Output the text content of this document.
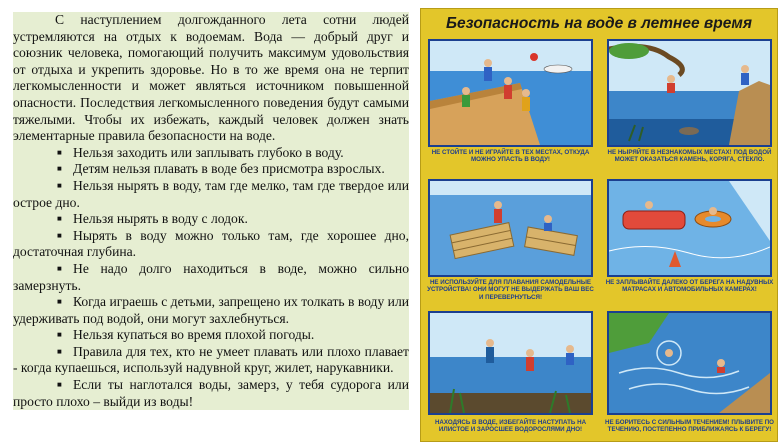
С наступлением долгожданного лета сотни людей устремляются на отдых к водоемам. Вода — добрый друг и союзник человека, помогающий получить максимум удовольствия от отдыха и укрепить здоровье. Но в то же время она не терпит легкомысленности и может являться источником повышенной опасности. Последствия легкомысленного поведения будут самыми тяжелыми. Чтобы их избежать, каждый человек должен знать элементарные правила безопасности на воде.

■ Нельзя заходить или заплывать глубоко в воду.
■ Детям нельзя плавать в воде без присмотра взрослых.
■ Нельзя нырять в воду, там где мелко, там где твердое или острое дно.
■ Нельзя нырять в воду с лодок.
■ Нырять в воду можно только там, где хорошее дно, достаточная глубина.
■ Не надо долго находиться в воде, можно сильно замерзнуть.
■ Когда играешь с детьми, запрещено их толкать в воду или удерживать под водой, они могут захлебнуться.
■ Нельзя купаться во время плохой погоды.
■ Правила для тех, кто не умеет плавать или плохо плавает - когда купаешься, используй надувной круг, жилет, нарукавники.
■ Если ты наглотался воды, замерз, у тебя судорога или просто плохо – выйди из воды!
Безопасность на воде в летнее время
НЕ СТОЙТЕ И НЕ ИГРАЙТЕ В ТЕХ МЕСТАХ, ОТКУДА МОЖНО УПАСТЬ В ВОДУ!
НЕ НЫРЯЙТЕ В НЕЗНАКОМЫХ МЕСТАХ! ПОД ВОДОЙ МОЖЕТ ОКАЗАТЬСЯ КАМЕНЬ, КОРЯГА, СТЕКЛО.
НЕ ИСПОЛЬЗУЙТЕ ДЛЯ ПЛАВАНИЯ САМОДЕЛЬНЫЕ УСТРОЙСТВА! ОНИ МОГУТ НЕ ВЫДЕРЖАТЬ ВАШ ВЕС И ПЕРЕВЕРНУТЬСЯ!
НЕ ЗАПЛЫВАЙТЕ ДАЛЕКО ОТ БЕРЕГА НА НАДУВНЫХ МАТРАСАХ И АВТОМОБИЛЬНЫХ КАМЕРАХ!
НАХОДЯСЬ В ВОДЕ, ИЗБЕГАЙТЕ НАСТУПАТЬ НА ИЛИСТОЕ И ЗАРОСШЕЕ ВОДОРОСЛЯМИ ДНО!
НЕ БОРИТЕСЬ С СИЛЬНЫМ ТЕЧЕНИЕМ! ПЛЫВИТЕ ПО ТЕЧЕНИЮ, ПОСТЕПЕННО ПРИБЛИЖАЯСЬ К БЕРЕГУ!
